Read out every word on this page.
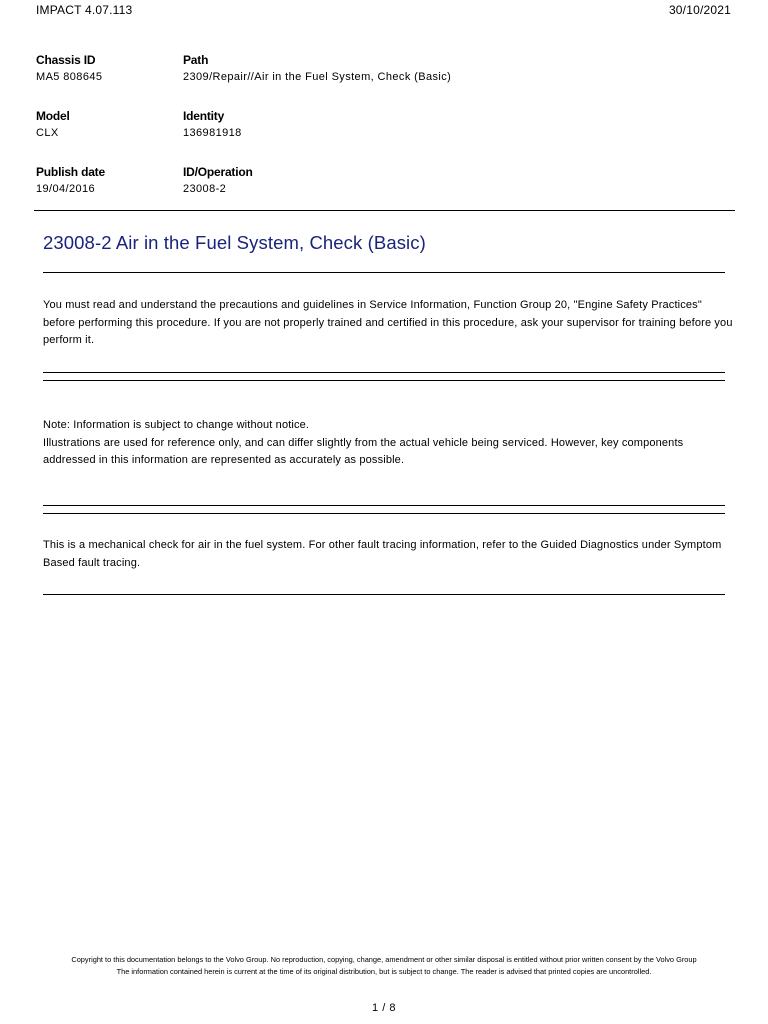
IMPACT 4.07.113	30/10/2021
Chassis ID
MA5 808645
Path
2309/Repair//Air in the Fuel System, Check (Basic)
Model
CLX
Identity
136981918
Publish date
19/04/2016
ID/Operation
23008-2
23008-2 Air in the Fuel System, Check (Basic)

You must read and understand the precautions and guidelines in Service Information, Function Group 20, "Engine Safety Practices" before performing this procedure. If you are not properly trained and certified in this procedure, ask your supervisor for training before you perform it.

Note: Information is subject to change without notice.

Illustrations are used for reference only, and can differ slightly from the actual vehicle being serviced. However, key components addressed in this information are represented as accurately as possible.

This is a mechanical check for air in the fuel system. For other fault tracing information, refer to the Guided Diagnostics under Symptom Based fault tracing.

Copyright to this documentation belongs to the Volvo Group. No reproduction, copying, change, amendment or other similar disposal is entitled without prior written consent by the Volvo Group
The information contained herein is current at the time of its original distribution, but is subject to change. The reader is advised that printed copies are uncontrolled.
1 / 8
